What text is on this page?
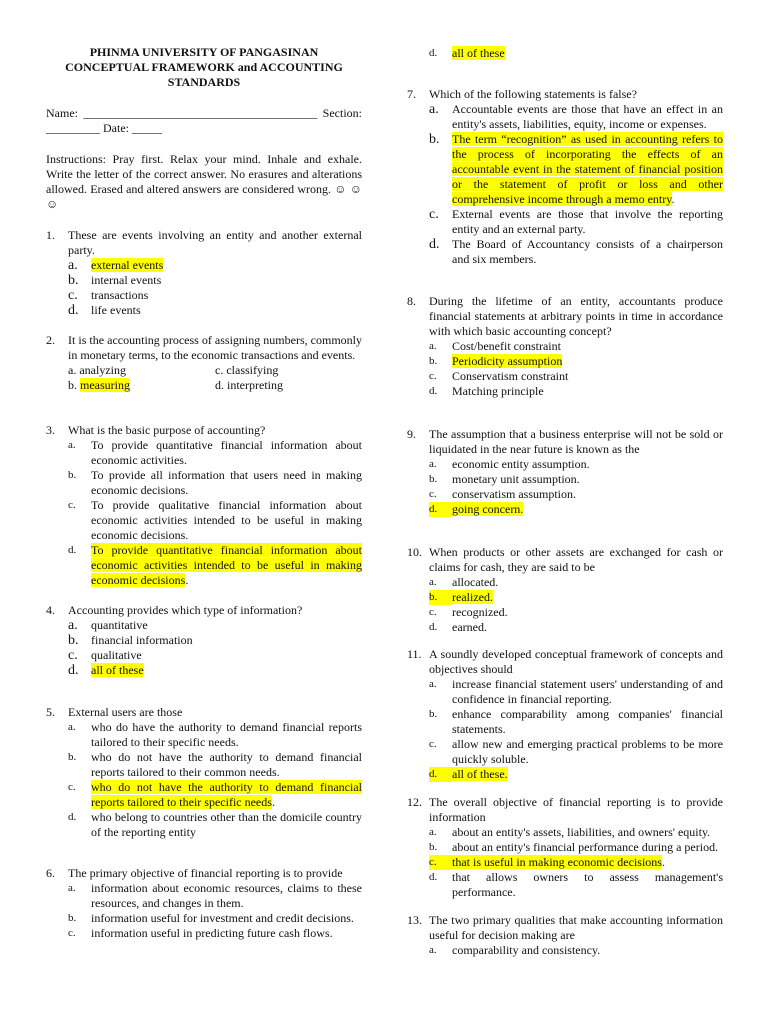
PHINMA UNIVERSITY OF PANGASINAN
CONCEPTUAL FRAMEWORK and ACCOUNTING
STANDARDS
Name: _______________________________________ Section: _________ Date: _____
Instructions: Pray first. Relax your mind. Inhale and exhale. Write the letter of the correct answer. No erasures and alterations allowed. Erased and altered answers are considered wrong. ☺ ☺ ☺
1.	These are events involving an entity and another external party.
a.	external events
b.	internal events
c.	transactions
d.	life events
2.	It is the accounting process of assigning numbers, commonly in monetary terms, to the economic transactions and events.
a. analyzing	c. classifying
b. measuring	d. interpreting
3.	What is the basic purpose of accounting?
a.	To provide quantitative financial information about economic activities.
b.	To provide all information that users need in making economic decisions.
c.	To provide qualitative financial information about economic activities intended to be useful in making economic decisions.
d.	To provide quantitative financial information about economic activities intended to be useful in making economic decisions.
4.	Accounting provides which type of information?
a.	quantitative
b.	financial information
c.	qualitative
d.	all of these
5.	External users are those
a.	who do have the authority to demand financial reports tailored to their specific needs.
b.	who do not have the authority to demand financial reports tailored to their common needs.
c.	who do not have the authority to demand financial reports tailored to their specific needs.
d.	who belong to countries other than the domicile country of the reporting entity
6.	The primary objective of financial reporting is to provide
a.	information about economic resources, claims to these resources, and changes in them.
b.	information useful for investment and credit decisions.
c.	information useful in predicting future cash flows.
d.	all of these
7.	Which of the following statements is false?
a.	Accountable events are those that have an effect in an entity's assets, liabilities, equity, income or expenses.
b.	The term “recognition” as used in accounting refers to the process of incorporating the effects of an accountable event in the statement of financial position or the statement of profit or loss and other comprehensive income through a memo entry.
c.	External events are those that involve the reporting entity and an external party.
d.	The Board of Accountancy consists of a chairperson and six members.
8.	During the lifetime of an entity, accountants produce financial statements at arbitrary points in time in accordance with which basic accounting concept?
a.	Cost/benefit constraint
b.	Periodicity assumption
c.	Conservatism constraint
d.	Matching principle
9.	The assumption that a business enterprise will not be sold or liquidated in the near future is known as the
a.	economic entity assumption.
b.	monetary unit assumption.
c.	conservatism assumption.
d.	going concern.
10. When products or other assets are exchanged for cash or claims for cash, they are said to be
a.	allocated.
b.	realized.
c.	recognized.
d.	earned.
11. A soundly developed conceptual framework of concepts and objectives should
a.	increase financial statement users' understanding of and confidence in financial reporting.
b.	enhance comparability among companies' financial statements.
c.	allow new and emerging practical problems to be more quickly soluble.
d.	all of these.
12. The overall objective of financial reporting is to provide information
a.	about an entity's assets, liabilities, and owners' equity.
b.	about an entity's financial performance during a period.
c.	that is useful in making economic decisions.
d.	that allows owners to assess management's performance.
13. The two primary qualities that make accounting information useful for decision making are
a.	comparability and consistency.
